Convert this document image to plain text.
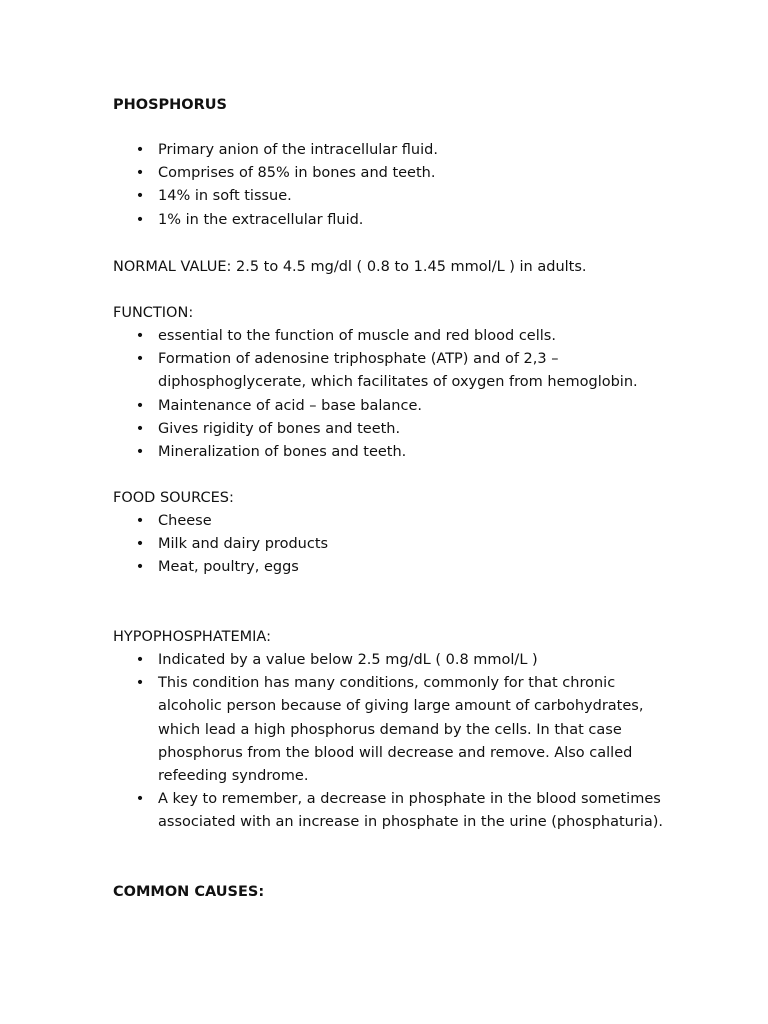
PHOSPHORUS

• Primary anion of the intracellular fluid.
• Comprises of 85% in bones and teeth.
• 14% in soft tissue.
• 1% in the extracellular fluid.

NORMAL VALUE: 2.5 to 4.5 mg/dl ( 0.8 to 1.45 mmol/L ) in adults.

FUNCTION:

• essential to the function of muscle and red blood cells.
• Formation of adenosine triphosphate (ATP) and of 2,3 – diphosphoglycerate, which facilitates of oxygen from hemoglobin.
• Maintenance of acid – base balance.
• Gives rigidity of bones and teeth.
• Mineralization of bones and teeth.

FOOD SOURCES:

• Cheese
• Milk and dairy products
• Meat, poultry, eggs

HYPOPHOSPHATEMIA:

• Indicated by a value below 2.5 mg/dL ( 0.8 mmol/L )
• This condition has many conditions, commonly for that chronic alcoholic person because of giving large amount of carbohydrates, which lead a high phosphorus demand by the cells. In that case phosphorus from the blood will decrease and remove. Also called refeeding syndrome.
• A key to remember, a decrease in phosphate in the blood sometimes associated with an increase in phosphate in the urine (phosphaturia).

COMMON CAUSES:
